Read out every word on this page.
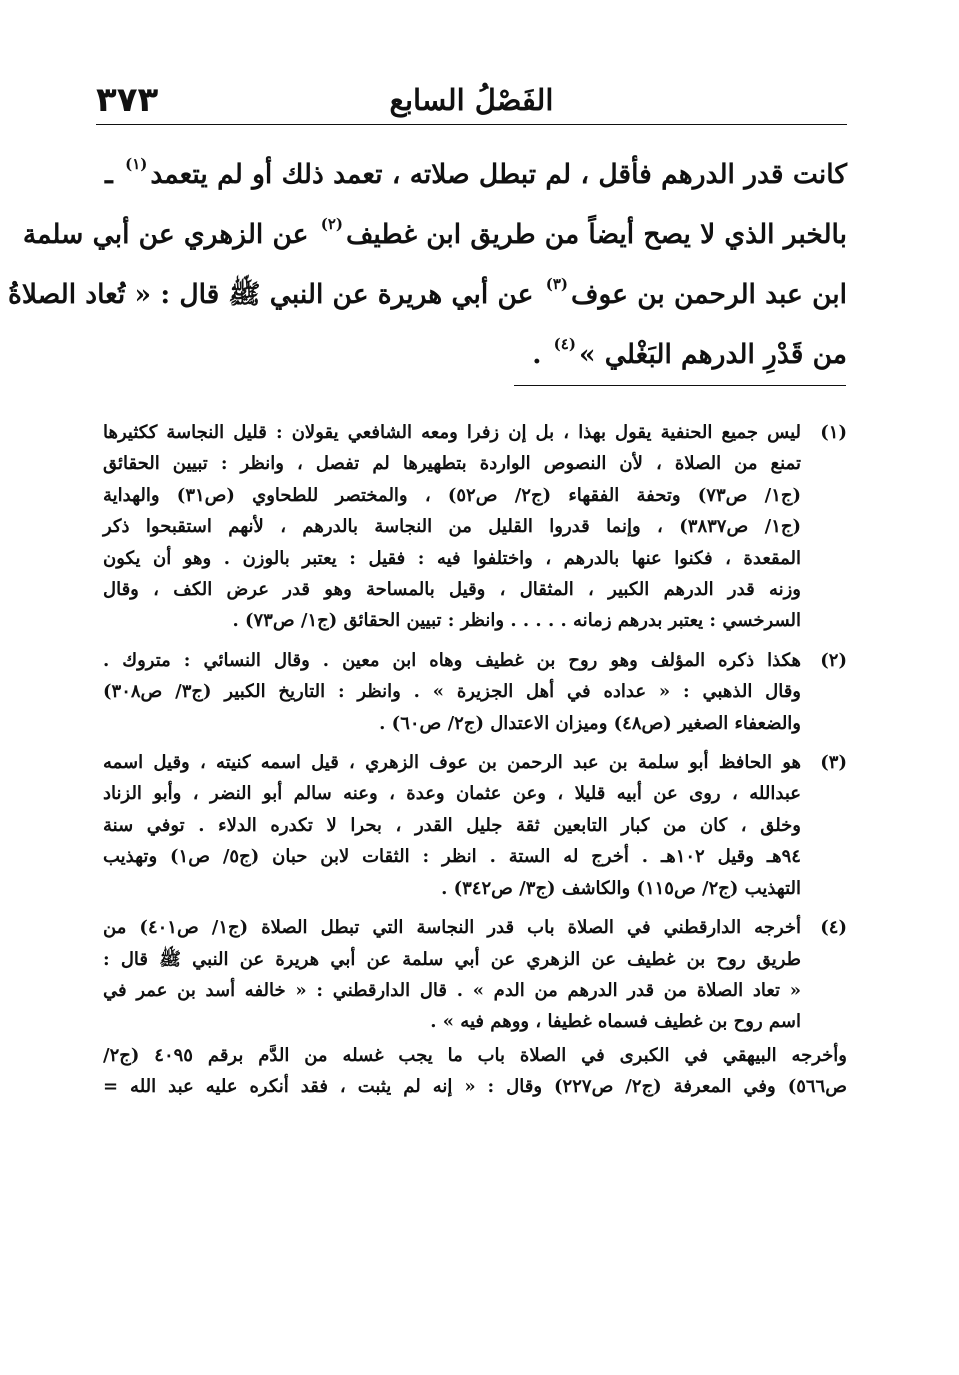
٣٧٣	الفَصْلُ السابع
كانت قدر الدرهم فأقل ، لم تبطل صلاته ، تعمد ذلك أو لم يتعمد$^{(١)}$ ـ
بالخبر الذي لا يصح أيضاً من طريق ابن غطيف$^{(٢)}$ عن الزهري عن أبي سلمة
ابن عبد الرحمن بن عوف$^{(٣)}$ عن أبي هريرة عن النبي ﷺ قال : « تُعاد الصلاةُ
من قَدْرِ الدرهم البَغْلي »$^{(٤)}$ .
(١)
ليس جميع الحنفية يقول بهذا ، بل إن زفرا ومعه الشافعي يقولان : قليل النجاسة ككثيرها
تمنع من الصلاة ، لأن النصوص الواردة بتطهيرها لم تفصل ، وانظر : تبيين الحقائق
(ج١/ ص٧٣) وتحفة الفقهاء (ج٢/ ص٥٢) ، والمختصر للطحاوي (ص٣١) والهداية
(ج١/ ص٣٨٣٧) ، وإنما قدروا القليل من النجاسة بالدرهم ، لأنهم استقبحوا ذكر
المقعدة ، فكنوا عنها بالدرهم ، واختلفوا فيه : فقيل : يعتبر بالوزن . وهو أن يكون
وزنه قدر الدرهم الكبير ، المثقال ، وقيل بالمساحة وهو قدر عرض الكف ، وقال
السرخسي : يعتبر بدرهم زمانه . . . . . وانظر : تبيين الحقائق (ج١/ ص٧٣) .
(٢)
هكذا ذكره المؤلف وهو روح بن غطيف وهاه ابن معين . وقال النسائي : متروك .
وقال الذهبي : « عداده في أهل الجزيرة » . وانظر : التاريخ الكبير (ج٣/ ص٣٠٨)
والضعفاء الصغير (ص٤٨) وميزان الاعتدال (ج٢/ ص٦٠) .
(٣)
هو الحافظ أبو سلمة بن عبد الرحمن بن عوف الزهري ، قيل اسمه كنيته ، وقيل اسمه
عبدالله ، روى عن أبيه قليلا ، وعن عثمان وعدة ، وعنه سالم أبو النضر ، وأبو الزناد
وخلق ، كان من كبار التابعين ثقة جليل القدر ، بحرا لا تكدره الدلاء . توفي سنة
٩٤هـ وقيل ١٠٢هـ . أخرج له الستة . انظر : الثقات لابن حبان (ج٥/ ص١) وتهذيب
التهذيب (ج٢/ ص١١٥) والكاشف (ج٣/ ص٣٤٢) .
(٤)
أخرجه الدارقطني في الصلاة باب قدر النجاسة التي تبطل الصلاة (ج١/ ص٤٠١) من
طريق روح بن غطيف عن الزهري عن أبي سلمة عن أبي هريرة عن النبي ﷺ قال :
« تعاد الصلاة من قدر الدرهم من الدم » . قال الدارقطني : « خالفه أسد بن عمر في
اسم روح بن غطيف فسماه غطيفا ، ووهم فيه » .
وأخرجه البيهقي في الكبرى في الصلاة باب ما يجب غسله من الدَّم برقم ٤٠٩٥ (ج٢/
ص٥٦٦) وفي المعرفة (ج٢/ ص٢٢٧) وقال : « إنه لم يثبت ، فقد أنكره عليه عبد الله =
